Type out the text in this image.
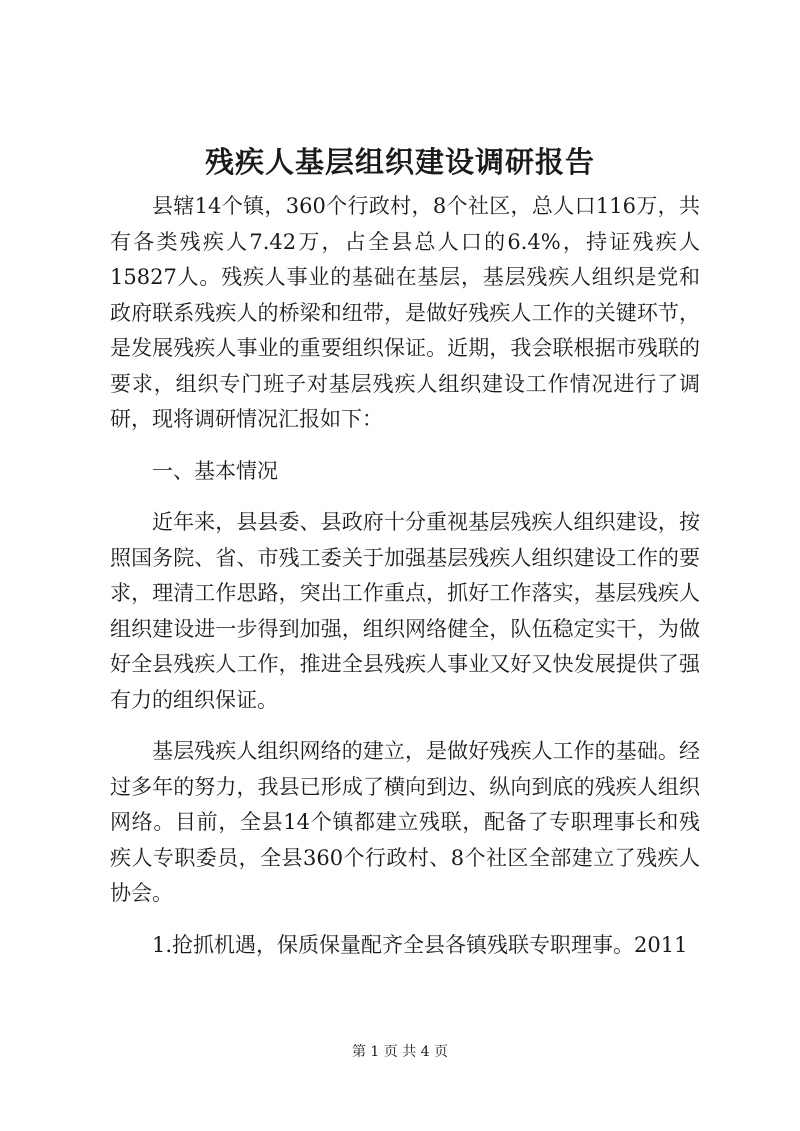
残疾人基层组织建设调研报告

县辖14个镇，360个行政村，8个社区，总人口116万，共有各类残疾人7.42万，占全县总人口的6.4%，持证残疾人15827人。残疾人事业的基础在基层，基层残疾人组织是党和政府联系残疾人的桥梁和纽带，是做好残疾人工作的关键环节，是发展残疾人事业的重要组织保证。近期，我会联根据市残联的要求，组织专门班子对基层残疾人组织建设工作情况进行了调研，现将调研情况汇报如下：

一、基本情况

近年来，县县委、县政府十分重视基层残疾人组织建设，按照国务院、省、市残工委关于加强基层残疾人组织建设工作的要求，理清工作思路，突出工作重点，抓好工作落实，基层残疾人组织建设进一步得到加强，组织网络健全，队伍稳定实干，为做好全县残疾人工作，推进全县残疾人事业又好又快发展提供了强有力的组织保证。

基层残疾人组织网络的建立，是做好残疾人工作的基础。经过多年的努力，我县已形成了横向到边、纵向到底的残疾人组织网络。目前，全县14个镇都建立残联，配备了专职理事长和残疾人专职委员，全县360个行政村、8个社区全部建立了残疾人协会。

1.抢抓机遇，保质保量配齐全县各镇残联专职理事。2011

第 1 页 共 4 页
